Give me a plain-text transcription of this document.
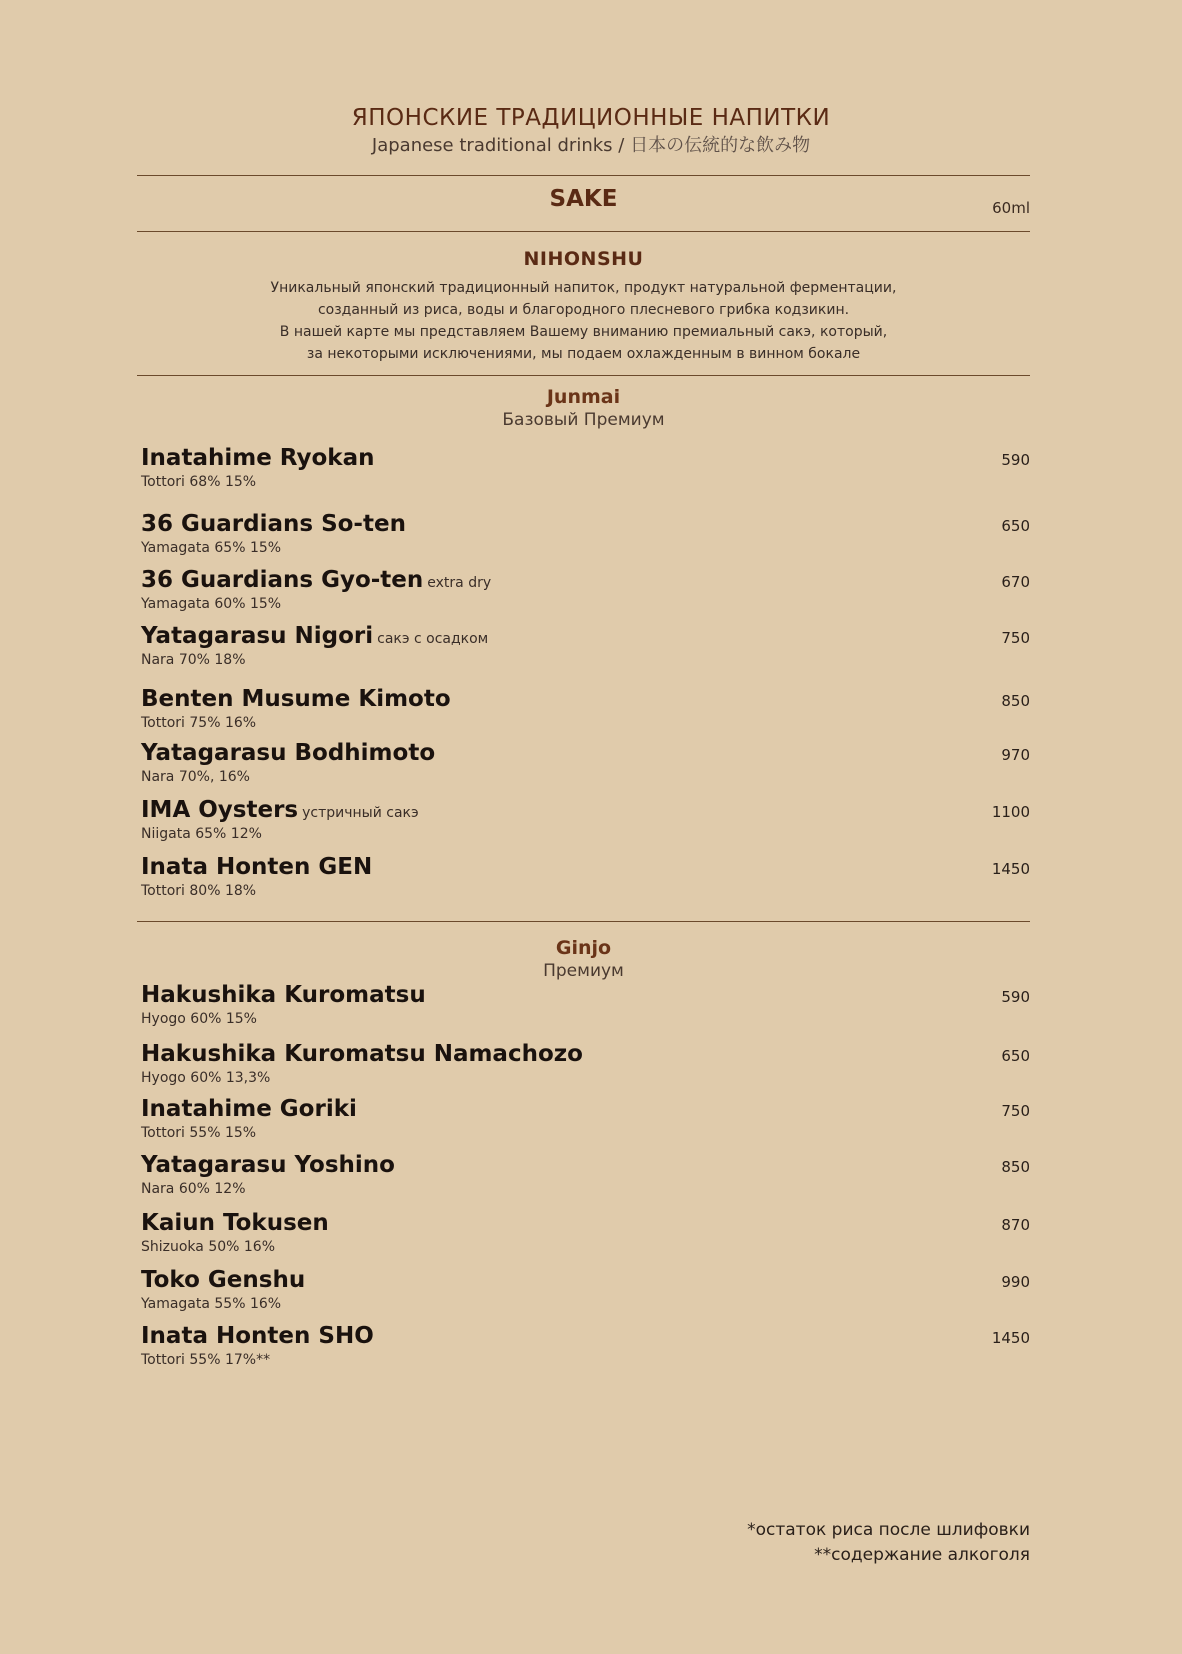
ЯПОНСКИЕ ТРАДИЦИОННЫЕ НАПИТКИ
Japanese traditional drinks / 日本の伝統的な飲み物
SAKE	60ml
NIHONSHU
Уникальный японский традиционный напиток, продукт натуральной ферментации,
созданный из риса, воды и благородного плесневого грибка кодзикин.
В нашей карте мы представляем Вашему вниманию премиальный сакэ, который,
за некоторыми исключениями, мы подаем охлажденным в винном бокале
Junmai
Базовый Премиум
Inatahime Ryokan
Tottori 68% 15%
590
36 Guardians So-ten
Yamagata 65% 15%
650
36 Guardians Gyo-ten extra dry
Yamagata 60% 15%
670
Yatagarasu Nigori сакэ с осадком
Nara 70% 18%
750
Benten Musume Kimoto
Tottori 75% 16%
850
Yatagarasu Bodhimoto
Nara 70%, 16%
970
IMA Oysters устричный сакэ
Niigata 65% 12%
1100
Inata Honten GEN
Tottori 80% 18%
1450
Ginjo
Премиум
Hakushika Kuromatsu
Hyogo 60% 15%
590
Hakushika Kuromatsu Namachozo
Hyogo 60% 13,3%
650
Inatahime Goriki
Tottori 55% 15%
750
Yatagarasu Yoshino
Nara 60% 12%
850
Kaiun Tokusen
Shizuoka 50% 16%
870
Toko Genshu
Yamagata 55% 16%
990
Inata Honten SHO
Tottori 55% 17%**
1450
*остаток риса после шлифовки
**содержание алкоголя
